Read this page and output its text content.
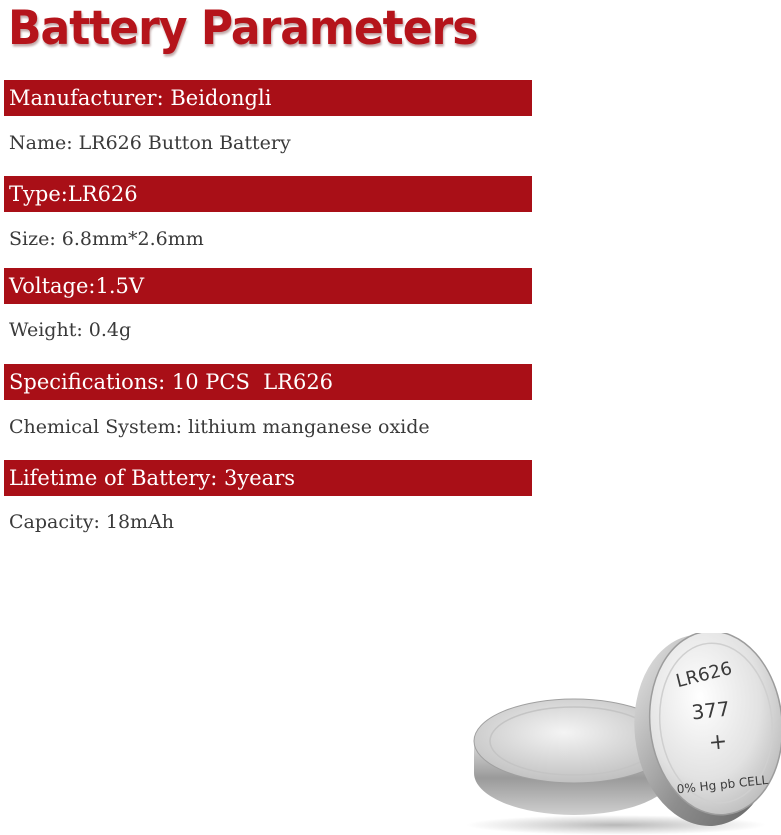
Battery Parameters
Manufacturer: Beidongli
Name: LR626 Button Battery
Type:LR626
Size: 6.8mm*2.6mm
Voltage:1.5V
Weight: 0.4g
Specifications: 10 PCS  LR626
Chemical System: lithium manganese oxide
Lifetime of Battery: 3years
Capacity: 18mAh
LR626
377
+
0% Hg pb CELL
